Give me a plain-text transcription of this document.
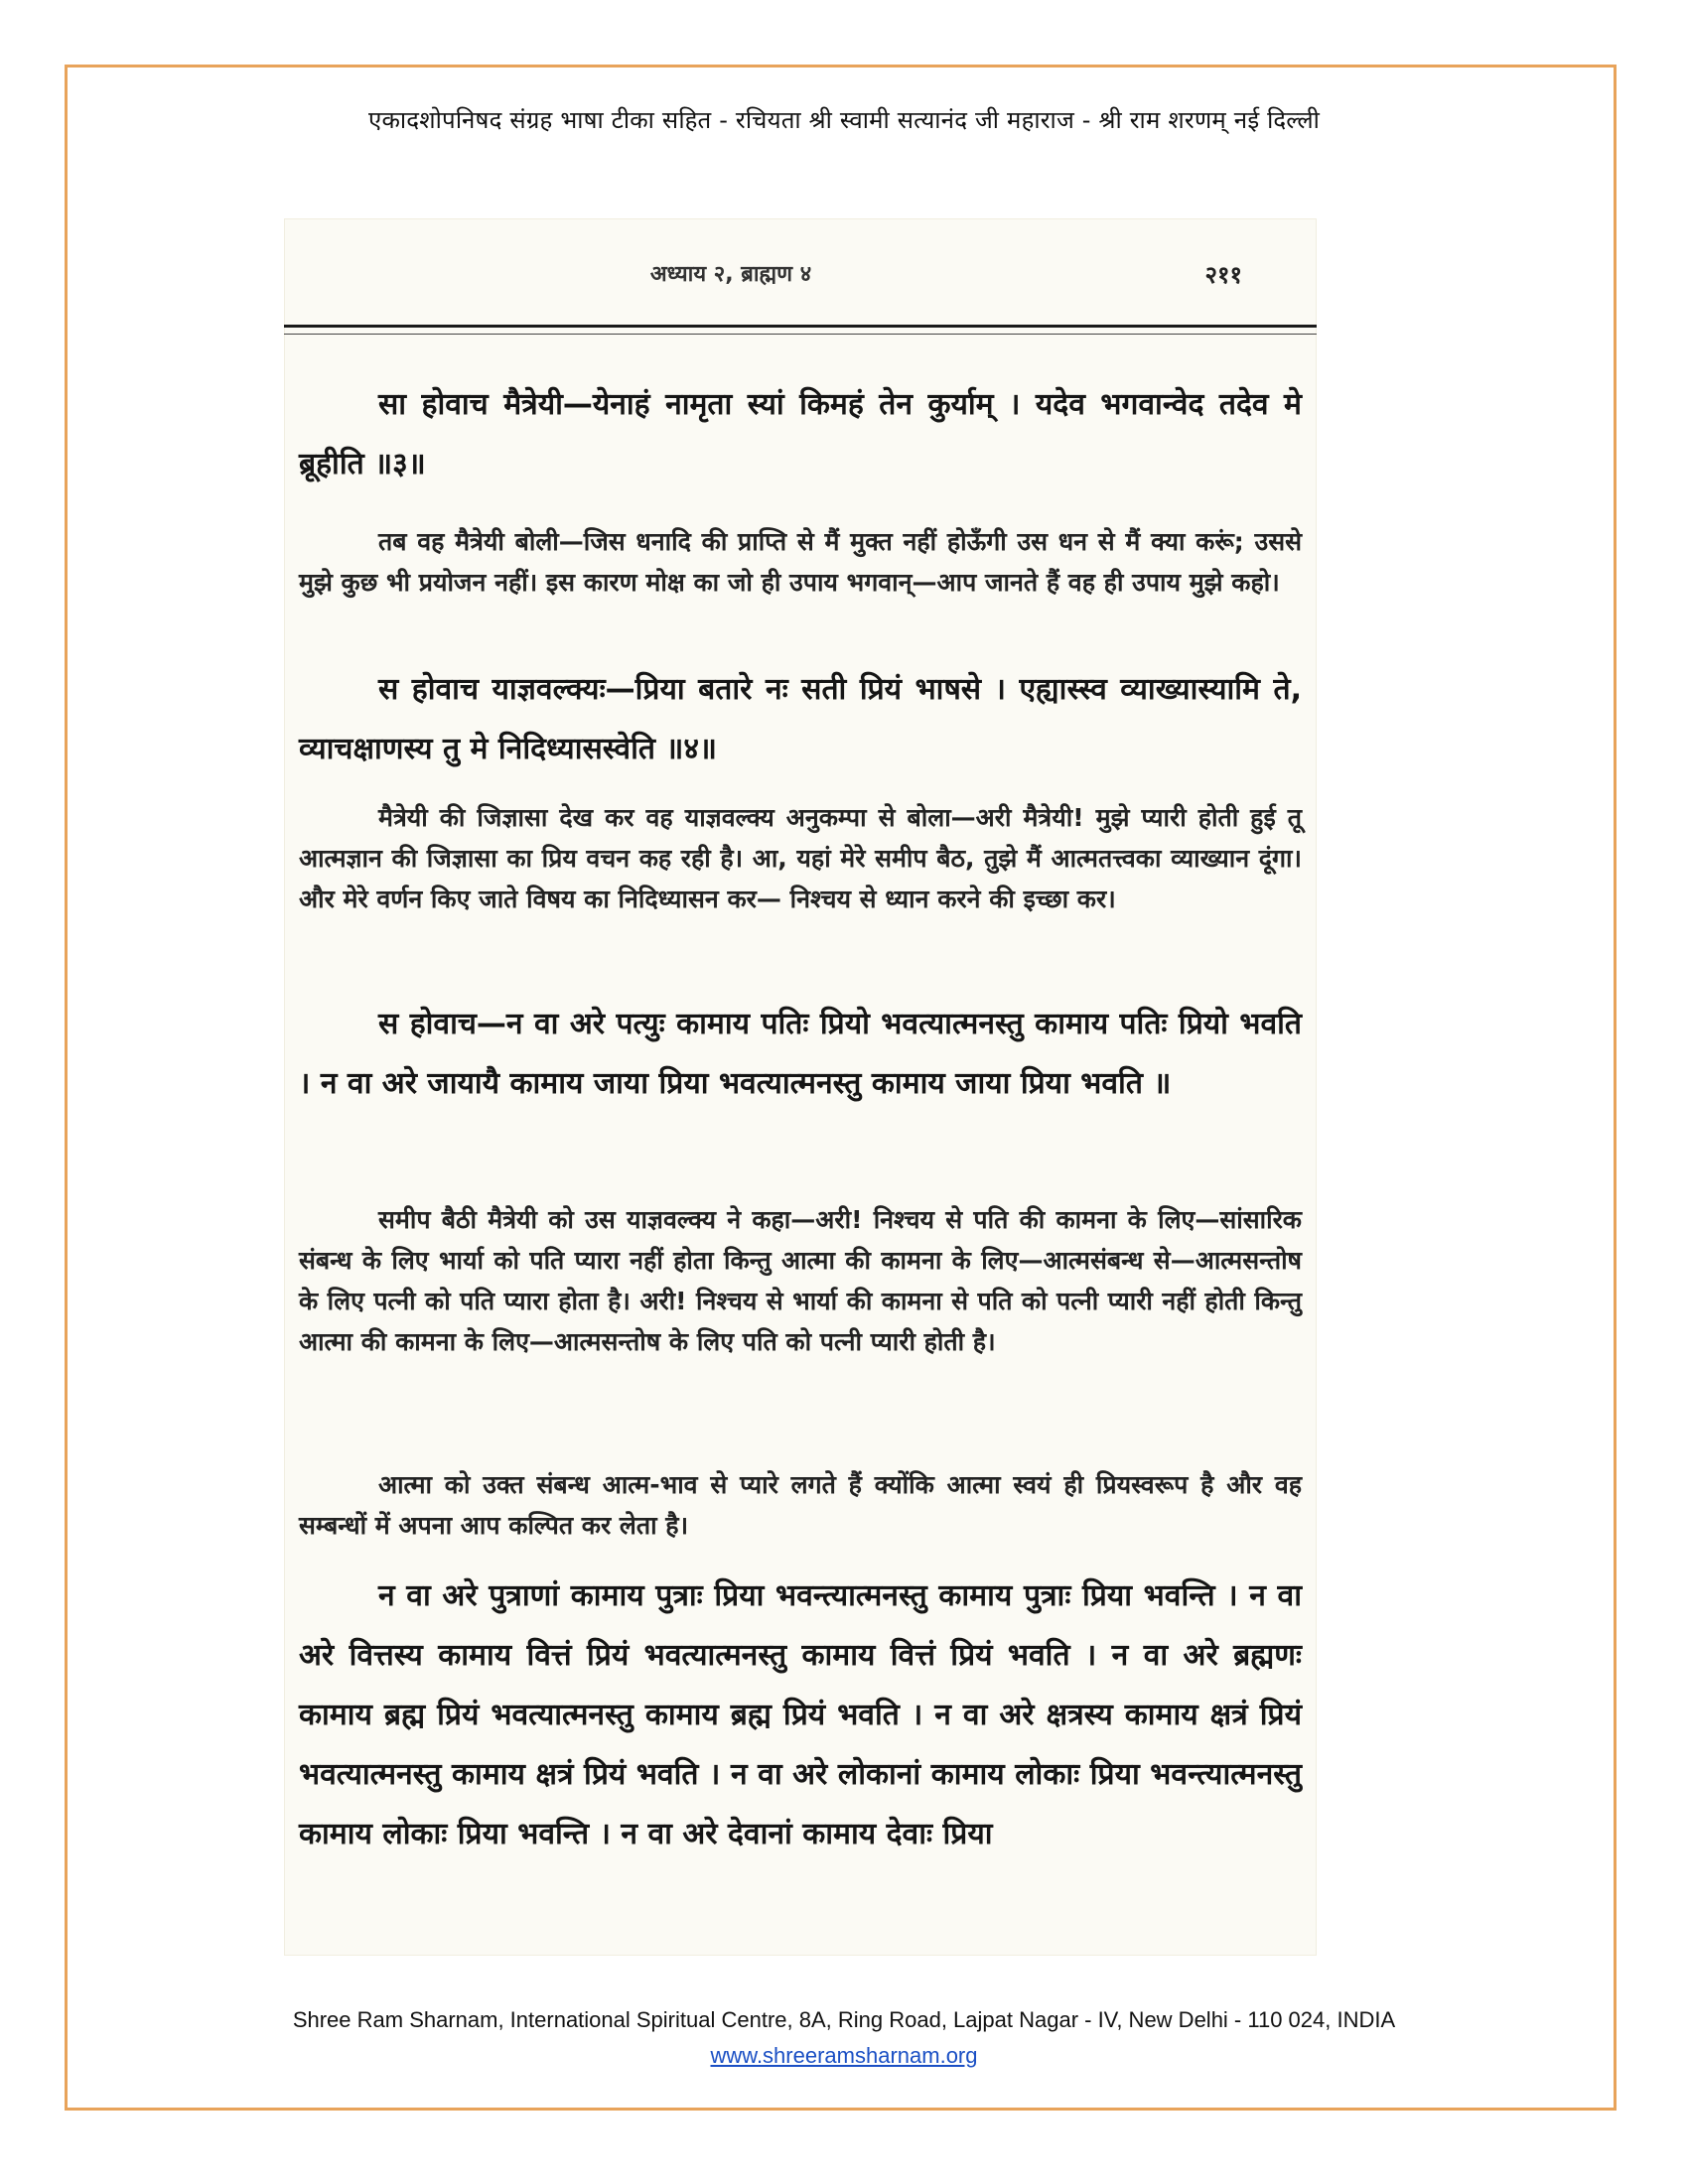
एकादशोपनिषद संग्रह भाषा टीका सहित - रचियता श्री स्वामी सत्यानंद जी महाराज - श्री राम शरणम् नई दिल्ली
अध्याय २, ब्राह्मण ४	२११

सा होवाच मैत्रेयी—येनाहं नामृता स्यां किमहं तेन कुर्याम् । यदेव भगवान्वेद तदेव मे ब्रूहीति ॥३॥

तब वह मैत्रेयी बोली—जिस धनादि की प्राप्ति से मैं मुक्त नहीं होऊँगी उस धन से मैं क्या करूं; उससे मुझे कुछ भी प्रयोजन नहीं। इस कारण मोक्ष का जो ही उपाय भगवान्—आप जानते हैं वह ही उपाय मुझे कहो।

स होवाच याज्ञवल्क्यः—प्रिया बतारे नः सती प्रियं भाषसे । एह्यास्स्व व्याख्यास्यामि ते, व्याचक्षाणस्य तु मे निदिध्यासस्वेति ॥४॥

मैत्रेयी की जिज्ञासा देख कर वह याज्ञवल्क्य अनुकम्पा से बोला—अरी मैत्रेयी! मुझे प्यारी होती हुई तू आत्मज्ञान की जिज्ञासा का प्रिय वचन कह रही है। आ, यहां मेरे समीप बैठ, तुझे मैं आत्मतत्त्वका व्याख्यान दूंगा। और मेरे वर्णन किए जाते विषय का निदिध्यासन कर— निश्चय से ध्यान करने की इच्छा कर।

स होवाच—न वा अरे पत्युः कामाय पतिः प्रियो भवत्यात्मनस्तु कामाय पतिः प्रियो भवति । न वा अरे जायायै कामाय जाया प्रिया भवत्यात्मनस्तु कामाय जाया प्रिया भवति ॥

समीप बैठी मैत्रेयी को उस याज्ञवल्क्य ने कहा—अरी! निश्चय से पति की कामना के लिए—सांसारिक संबन्ध के लिए भार्या को पति प्यारा नहीं होता किन्तु आत्मा की कामना के लिए—आत्मसंबन्ध से—आत्मसन्तोष के लिए पत्नी को पति प्यारा होता है। अरी! निश्चय से भार्या की कामना से पति को पत्नी प्यारी नहीं होती किन्तु आत्मा की कामना के लिए—आत्मसन्तोष के लिए पति को पत्नी प्यारी होती है।

आत्मा को उक्त संबन्ध आत्म-भाव से प्यारे लगते हैं क्योंकि आत्मा स्वयं ही प्रियस्वरूप है और वह सम्बन्धों में अपना आप कल्पित कर लेता है।

न वा अरे पुत्राणां कामाय पुत्राः प्रिया भवन्त्यात्मनस्तु कामाय पुत्राः प्रिया भवन्ति । न वा अरे वित्तस्य कामाय वित्तं प्रियं भवत्यात्मनस्तु कामाय वित्तं प्रियं भवति । न वा अरे ब्रह्मणः कामाय ब्रह्म प्रियं भवत्यात्मनस्तु कामाय ब्रह्म प्रियं भवति । न वा अरे क्षत्रस्य कामाय क्षत्रं प्रियं भवत्यात्मनस्तु कामाय क्षत्रं प्रियं भवति । न वा अरे लोकानां कामाय लोकाः प्रिया भवन्त्यात्मनस्तु कामाय लोकाः प्रिया भवन्ति । न वा अरे देवानां कामाय देवाः प्रिया

Shree Ram Sharnam, International Spiritual Centre, 8A, Ring Road, Lajpat Nagar - IV, New Delhi - 110 024, INDIA
www.shreeramsharnam.org
